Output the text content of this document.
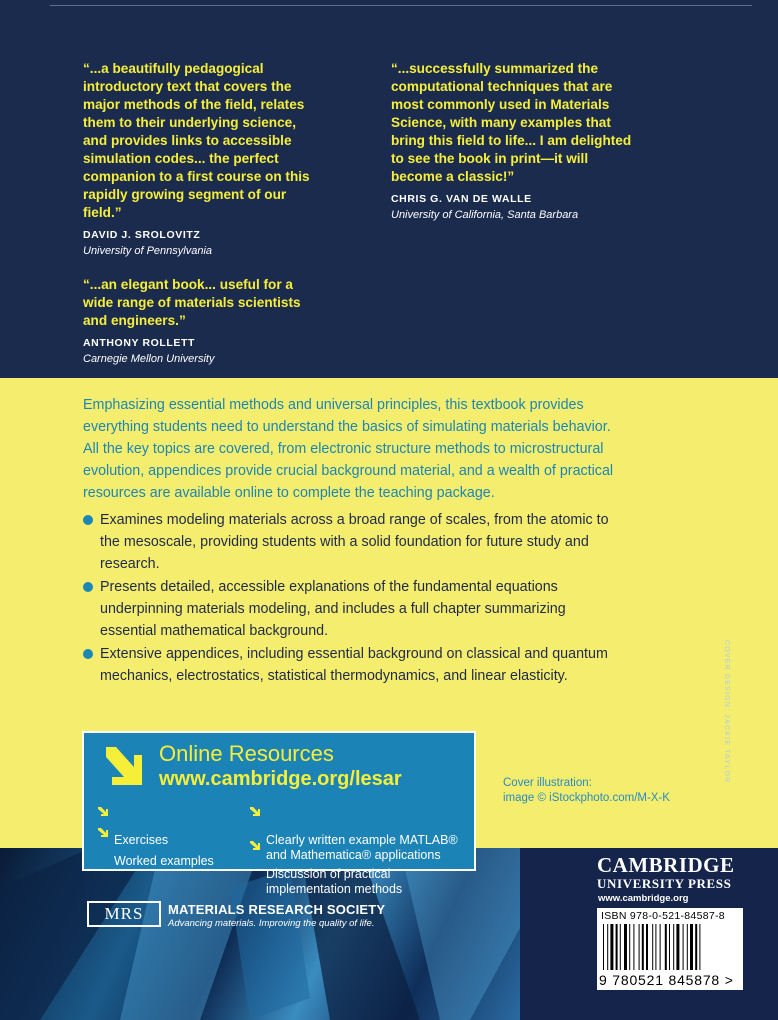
“...a beautifully pedagogical
introductory text that covers the
major methods of the field, relates
them to their underlying science,
and provides links to accessible
simulation codes... the perfect
companion to a first course on this
rapidly growing segment of our
field.”

DAVID J. SROLOVITZ
University of Pennsylvania

“...an elegant book... useful for a
wide range of materials scientists
and engineers.”

ANTHONY ROLLETT
Carnegie Mellon University

“...successfully summarized the
computational techniques that are
most commonly used in Materials
Science, with many examples that
bring this field to life... I am delighted
to see the book in print—it will
become a classic!”

CHRIS G. VAN DE WALLE
University of California, Santa Barbara
Emphasizing essential methods and universal principles, this textbook provides
everything students need to understand the basics of simulating materials behavior.
All the key topics are covered, from electronic structure methods to microstructural
evolution, appendices provide crucial background material, and a wealth of practical
resources are available online to complete the teaching package.
Examines modeling materials across a broad range of scales, from the atomic to
the mesoscale, providing students with a solid foundation for future study and
research.
Presents detailed, accessible explanations of the fundamental equations
underpinning materials modeling, and includes a full chapter summarizing
essential mathematical background.
Extensive appendices, including essential background on classical and quantum
mechanics, electrostatics, statistical thermodynamics, and linear elasticity.	COVER DESIGN: JACKIE TAYLOR
Cover illustration:
image © iStockphoto.com/M-X-K
Online Resources
www.cambridge.org/lesar

Exercises

Worked examples

Clearly written example MATLAB®
and Mathematica® applications

Discussion of practical
implementation methods

MRS	MATERIALS RESEARCH SOCIETY
Advancing materials. Improving the quality of life.
CAMBRIDGE
UNIVERSITY PRESS
www.cambridge.org
ISBN 978-0-521-84587-8
9 780521 845878 >
